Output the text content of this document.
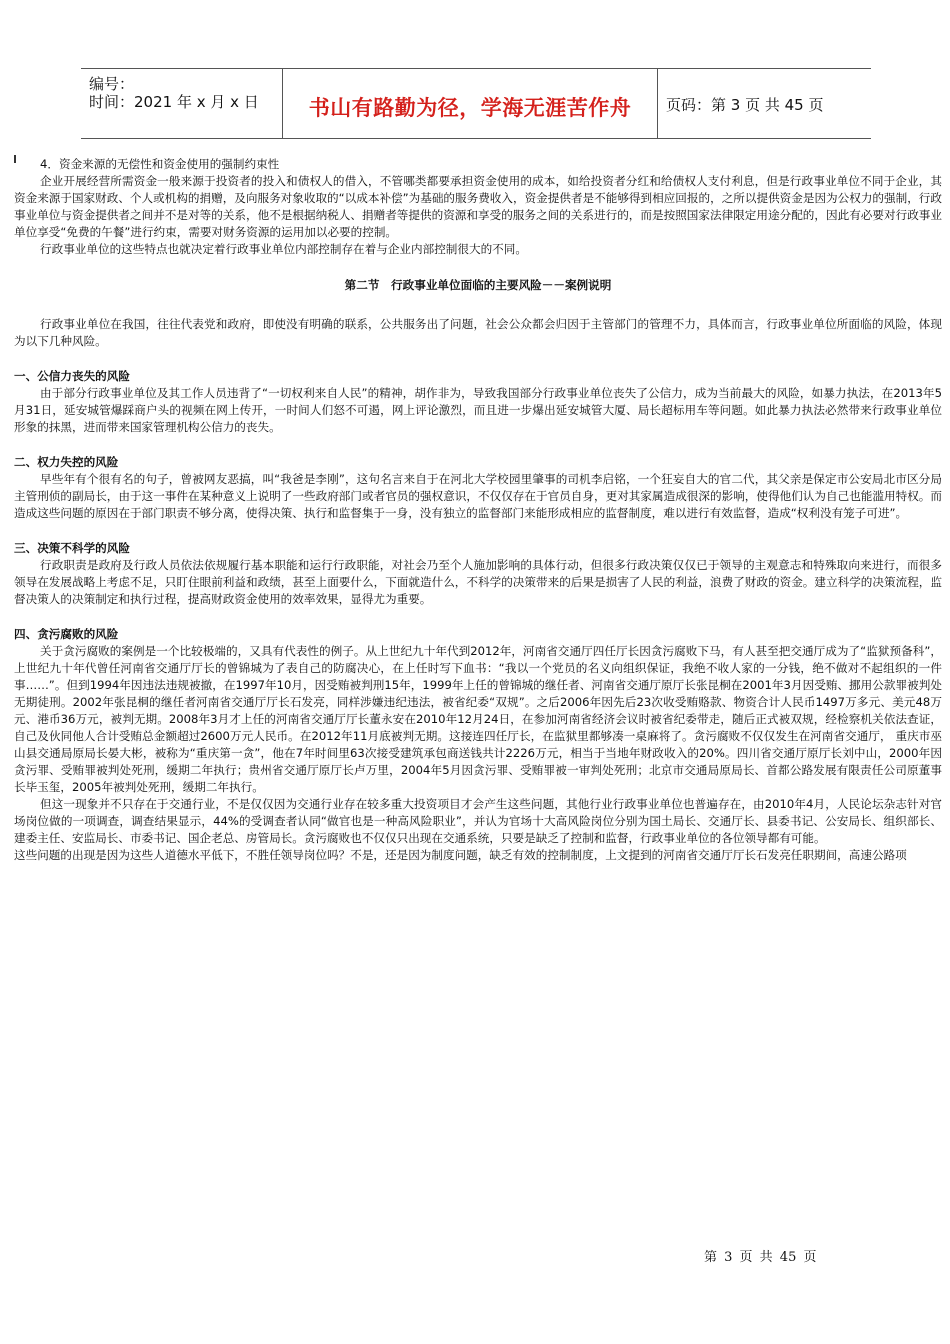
编号：
时间：2021 年 x 月 x 日	书山有路勤为径，学海无涯苦作舟	页码：第 3 页 共 45 页

4．资金来源的无偿性和资金使用的强制约束性

企业开展经营所需资金一般来源于投资者的投入和债权人的借入，不管哪类都要承担资金使用的成本，如给投资者分红和给债权人支付利息，但是行政事业单位不同于企业，其资金来源于国家财政、个人或机构的捐赠，及向服务对象收取的“以成本补偿”为基础的服务费收入，资金提供者是不能够得到相应回报的，之所以提供资金是因为公权力的强制，行政事业单位与资金提供者之间并不是对等的关系，他不是根据纳税人、捐赠者等提供的资源和享受的服务之间的关系进行的，而是按照国家法律限定用途分配的，因此有必要对行政事业单位享受“免费的午餐”进行约束，需要对财务资源的运用加以必要的控制。

行政事业单位的这些特点也就决定着行政事业单位内部控制存在着与企业内部控制很大的不同。

第二节　行政事业单位面临的主要风险－－案例说明

行政事业单位在我国，往往代表党和政府，即使没有明确的联系，公共服务出了问题，社会公众都会归因于主管部门的管理不力，具体而言，行政事业单位所面临的风险，体现为以下几种风险。

一、公信力丧失的风险

由于部分行政事业单位及其工作人员违背了“一切权利来自人民”的精神，胡作非为，导致我国部分行政事业单位丧失了公信力，成为当前最大的风险，如暴力执法，在2013年5月31日，延安城管爆踩商户头的视频在网上传开，一时间人们怒不可遏，网上评论激烈，而且进一步爆出延安城管大厦、局长超标用车等问题。如此暴力执法必然带来行政事业单位形象的抹黑，进而带来国家管理机构公信力的丧失。

二、权力失控的风险

早些年有个很有名的句子，曾被网友恶搞，叫“我爸是李刚”，这句名言来自于在河北大学校园里肇事的司机李启铭，一个狂妄自大的官二代，其父亲是保定市公安局北市区分局主管刑侦的副局长，由于这一事件在某种意义上说明了一些政府部门或者官员的强权意识，不仅仅存在于官员自身，更对其家属造成很深的影响，使得他们认为自己也能滥用特权。而造成这些问题的原因在于部门职责不够分离，使得决策、执行和监督集于一身，没有独立的监督部门来能形成相应的监督制度，难以进行有效监督，造成“权利没有笼子可进”。

三、决策不科学的风险

行政职责是政府及行政人员依法依规履行基本职能和运行行政职能，对社会乃至个人施加影响的具体行动，但很多行政决策仅仅已于领导的主观意志和特殊取向来进行，而很多领导在发展战略上考虑不足，只盯住眼前利益和政绩，甚至上面要什么，下面就造什么，不科学的决策带来的后果是损害了人民的利益，浪费了财政的资金。建立科学的决策流程，监督决策人的决策制定和执行过程，提高财政资金使用的效率效果，显得尤为重要。

四、贪污腐败的风险

关于贪污腐败的案例是一个比较极端的，又具有代表性的例子。从上世纪九十年代到2012年，河南省交通厅四任厅长因贪污腐败下马，有人甚至把交通厅成为了“监狱预备科”，上世纪九十年代曾任河南省交通厅厅长的曾锦城为了表自己的防腐决心，在上任时写下血书：“我以一个党员的名义向组织保证，我绝不收人家的一分钱，绝不做对不起组织的一件事……”。但到1994年因违法违规被撤，在1997年10月，因受贿被判刑15年，1999年上任的曾锦城的继任者、河南省交通厅原厅长张昆桐在2001年3月因受贿、挪用公款罪被判处无期徒刑。2002年张昆桐的继任者河南省交通厅厅长石发亮，同样涉嫌违纪违法，被省纪委“双规”。之后2006年因先后23次收受贿赂款、物资合计人民币1497万多元、美元48万元、港币36万元，被判无期。2008年3月才上任的河南省交通厅厅长董永安在2010年12月24日，在参加河南省经济会议时被省纪委带走，随后正式被双规，经检察机关依法查证，自己及伙同他人合计受贿总金额超过2600万元人民币。在2012年11月底被判无期。这接连四任厅长，在监狱里都够凑一桌麻将了。贪污腐败不仅仅发生在河南省交通厅， 重庆市巫山县交通局原局长晏大彬，被称为“重庆第一贪”，他在7年时间里63次接受建筑承包商送钱共计2226万元，相当于当地年财政收入的20%。四川省交通厅原厅长刘中山，2000年因贪污罪、受贿罪被判处死刑，缓期二年执行；贵州省交通厅原厅长卢万里，2004年5月因贪污罪、受贿罪被一审判处死刑；北京市交通局原局长、首都公路发展有限责任公司原董事长毕玉玺，2005年被判处死刑，缓期二年执行。

但这一现象并不只存在于交通行业，不是仅仅因为交通行业存在较多重大投资项目才会产生这些问题，其他行业行政事业单位也普遍存在，由2010年4月，人民论坛杂志针对官场岗位做的一项调查，调查结果显示，44%的受调查者认同“做官也是一种高风险职业”，并认为官场十大高风险岗位分别为国土局长、交通厅长、县委书记、公安局长、组织部长、建委主任、安监局长、市委书记、国企老总、房管局长。贪污腐败也不仅仅只出现在交通系统，只要是缺乏了控制和监督，行政事业单位的各位领导都有可能。

这些问题的出现是因为这些人道德水平低下，不胜任领导岗位吗？不是，还是因为制度问题，缺乏有效的控制制度，上文提到的河南省交通厅厅长石发亮任职期间，高速公路项

第 3 页 共 45 页
